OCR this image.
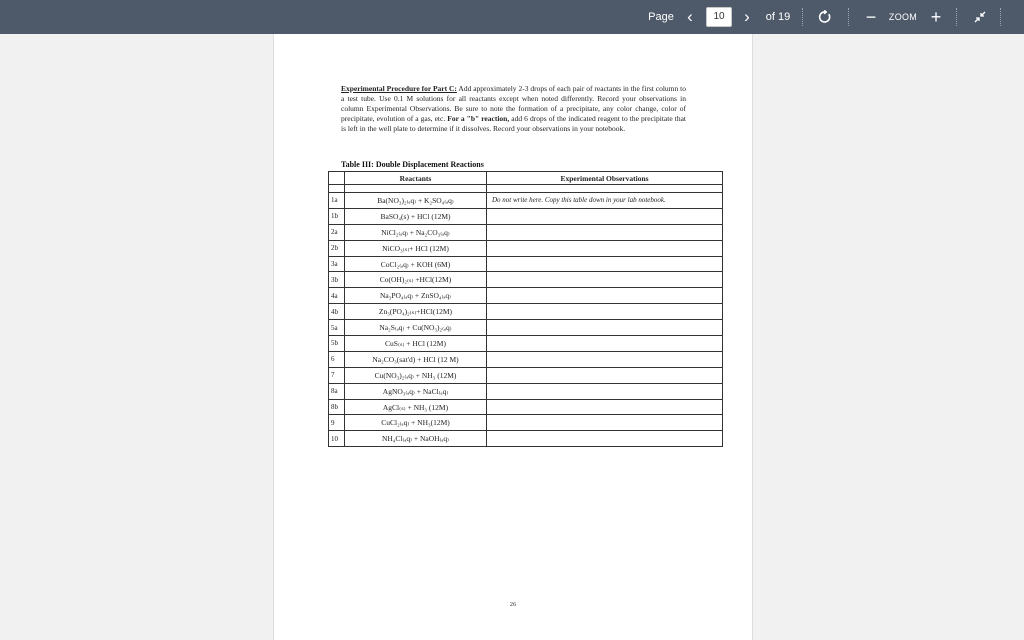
Page ‹	10	›	of 19	−	ZOOM +
Experimental Procedure for Part C: Add approximately 2-3 drops of each pair of reactants in the first column to a test tube. Use 0.1 M solutions for all reactants except when noted differently. Record your observations in column Experimental Observations. Be sure to note the formation of a precipitate, any color change, color of precipitate, evolution of a gas, etc. For a "b" reaction, add 6 drops of the indicated reagent to the precipitate that is left in the well plate to determine if it dissolves. Record your observations in your notebook.
Table III: Double Displacement Reactions
	Reactants	Experimental Observations

1a	Ba(NO₃)₂₍ₐq₎ + K₂SO₄₍ₐq₎	Do not write here. Copy this table down in your lab notebook.
1b	BaSO₄(s) + HCl (12M)	
2a	NiCl₂₍ₐq₎ + Na₂CO₃₍ₐq₎	
2b	NiCO₃₍ₛ₎+ HCl (12M)	
3a	CoCl₂₍ₐq₎ + KOH (6M)	
3b	Co(OH)₂₍ₛ₎ +HCl(12M)	
4a	Na₃PO₄₍ₐq₎ + ZnSO₄₍ₐq₎	
4b	Zn₃(PO₄)₂₍ₛ₎+HCl(12M)	
5a	Na₂S₍ₐq₎ + Cu(NO₃)₂₍ₐq₎	
5b	CuS₍ₛ₎ + HCl (12M)	
6	Na₂CO₃(sat'd) + HCl (12 M)	
7	Cu(NO₃)₂₍ₐq₎ + NH₃ (12M)	
8a	AgNO₃₍ₐq₎ + NaCl₍ₐq₎	
8b	AgCl₍ₛ₎ + NH₃ (12M)	
9	CuCl₂₍ₐq₎ + NH₃(12M)	
10	NH₄Cl₍ₐq₎ + NaOH₍ₐq₎	
26
